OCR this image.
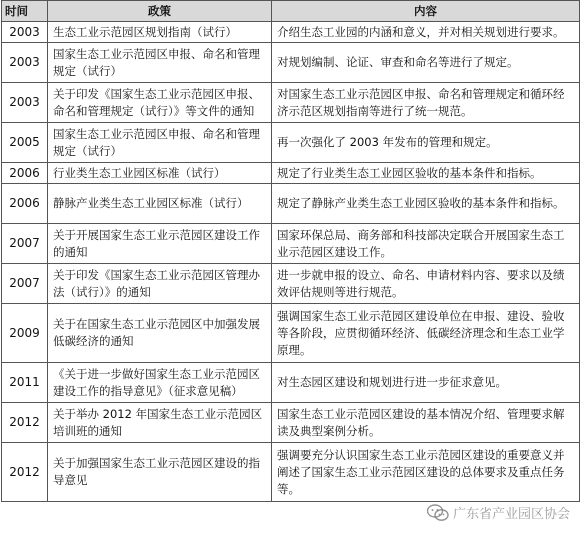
时间	政策	内容
2003	生态工业示范园区规划指南（试行）	介绍生态工业园的内涵和意义，并对相关规划进行要求。
2003	国家生态工业示范园区申报、命名和管理规定（试行）	对规划编制、论证、审查和命名等进行了规定。
2003	关于印发《国家生态工业示范园区申报、命名和管理规定（试行）》等文件的通知	对国家生态工业示范园区申报、命名和管理规定和循环经济示范区规划指南等进行了统一规范。
2005	国家生态工业示范园区申报、命名和管理规定（试行）	再一次强化了 2003 年发布的管理和规定。
2006	行业类生态工业园区标准（试行）	规定了行业类生态工业园区验收的基本条件和指标。
2006	静脉产业类生态工业园区标准（试行）	规定了静脉产业类生态工业园区验收的基本条件和指标。
2007	关于开展国家生态工业示范园区建设工作的通知	国家环保总局、商务部和科技部决定联合开展国家生态工业示范园区建设工作。
2007	关于印发《国家生态工业示范园区管理办法（试行）》的通知	进一步就申报的设立、命名、申请材料内容、要求以及绩效评估规则等进行规范。
2009	关于在国家生态工业示范园区中加强发展低碳经济的通知	强调国家生态工业示范园区建设单位在申报、建设、验收等各阶段，应贯彻循环经济、低碳经济理念和生态工业学原理。
2011	《关于进一步做好国家生态工业示范园区建设工作的指导意见》（征求意见稿）	对生态园区建设和规划进行进一步征求意见。
2012	关于举办 2012 年国家生态工业示范园区培训班的通知	国家生态工业示范园区建设的基本情况介绍、管理要求解读及典型案例分析。
2012	关于加强国家生态工业示范园区建设的指导意见	强调要充分认识国家生态工业示范园区建设的重要意义并阐述了国家生态工业示范园区建设的总体要求及重点任务等。
广东省产业园区协会
